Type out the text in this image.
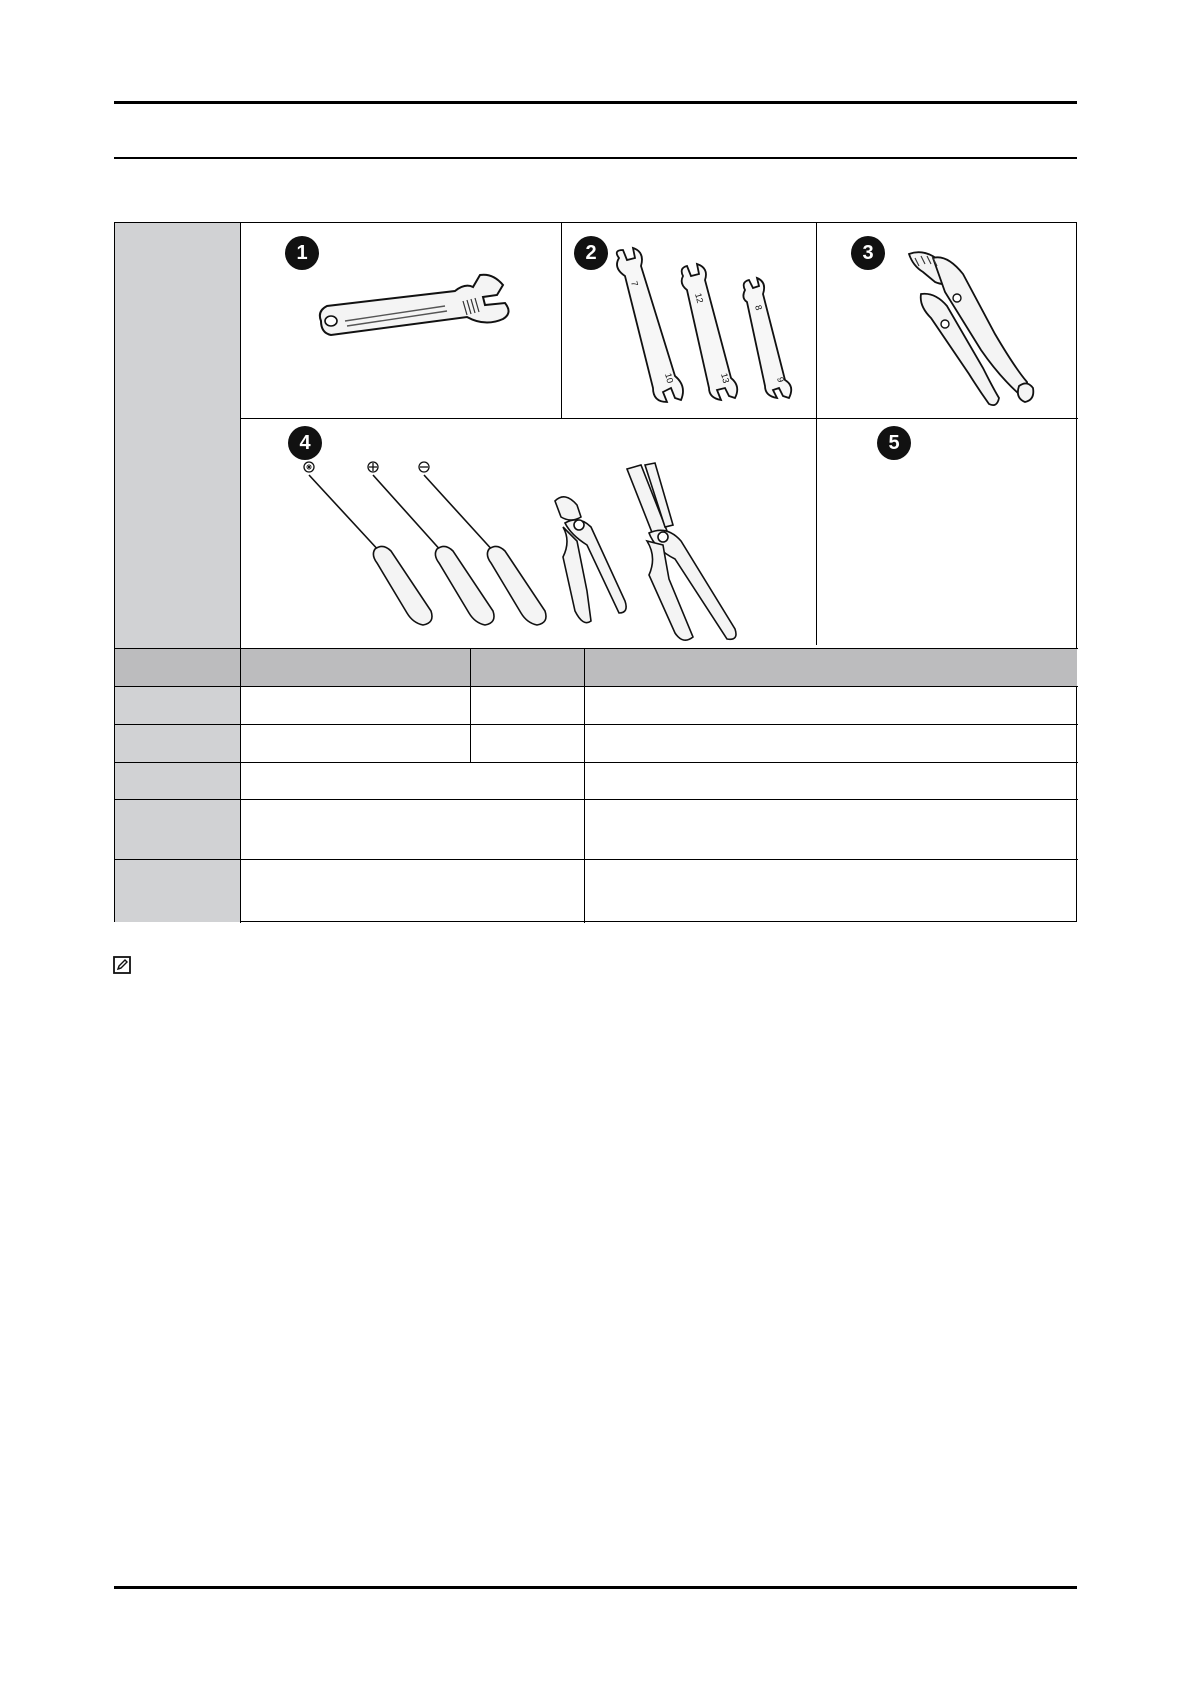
1	2
7
10
12
13
8
9
3
4	5
